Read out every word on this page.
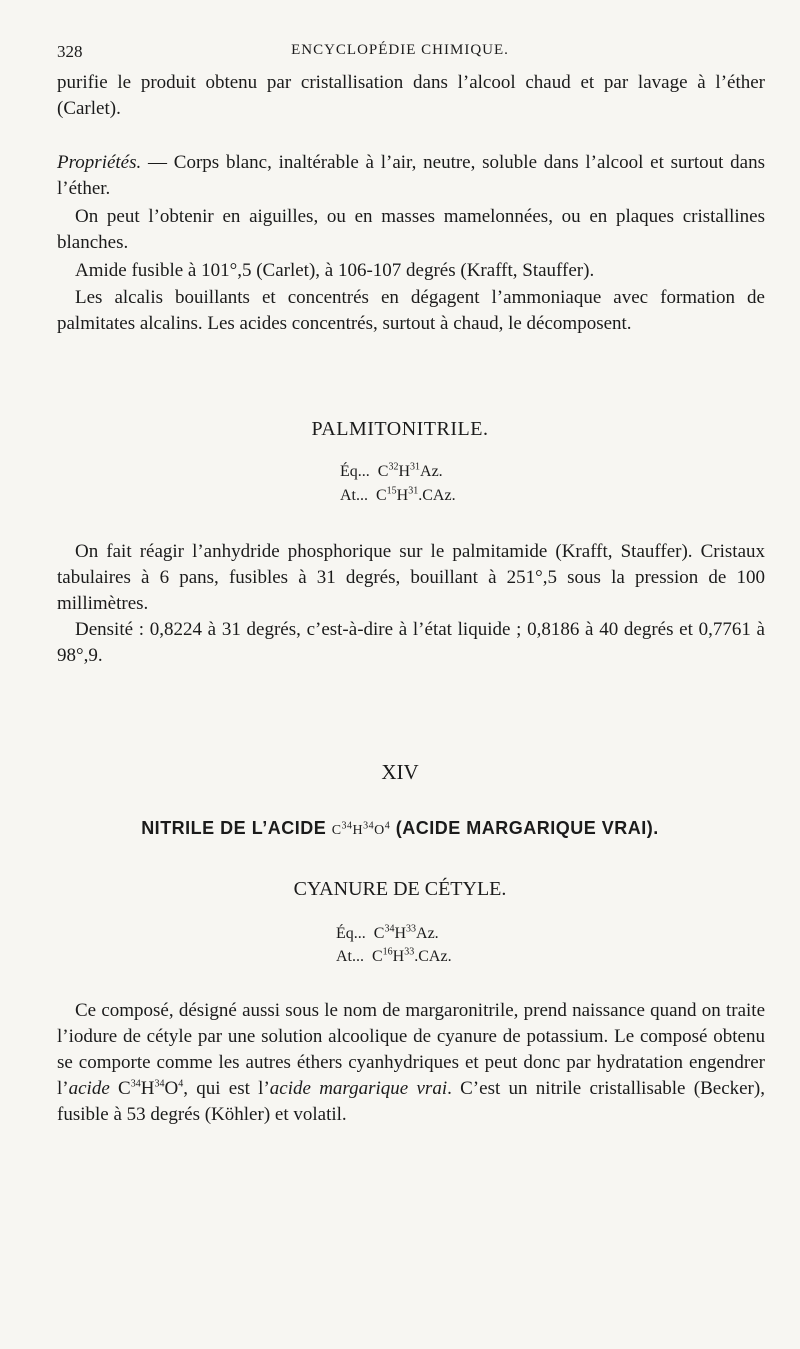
328	ENCYCLOPÉDIE CHIMIQUE.
purifie le produit obtenu par cristallisation dans l’alcool chaud et par lavage à l’éther (Carlet).
Propriétés. — Corps blanc, inaltérable à l’air, neutre, soluble dans l’alcool et surtout dans l’éther.
On peut l’obtenir en aiguilles, ou en masses mamelonnées, ou en plaques cristallines blanches.
Amide fusible à 101°,5 (Carlet), à 106-107 degrés (Krafft, Stauffer).
Les alcalis bouillants et concentrés en dégagent l’ammoniaque avec formation de palmitates alcalins. Les acides concentrés, surtout à chaud, le décomposent.
PALMITONITRILE.
Éq...  $C^{32}H^{31}Az$.
At...  $C^{15}H^{31}.CAz$.
On fait réagir l’anhydride phosphorique sur le palmitamide (Krafft, Stauffer). Cristaux tabulaires à 6 pans, fusibles à 31 degrés, bouillant à 251°,5 sous la pression de 100 millimètres.
Densité : 0,8224 à 31 degrés, c’est-à-dire à l’état liquide ; 0,8186 à 40 degrés et 0,7761 à 98°,9.
XIV
NITRILE DE L’ACIDE $C^{34}H^{34}O^4$ (ACIDE MARGARIQUE VRAI).
CYANURE DE CÉTYLE.
Éq...  $C^{34}H^{33}Az$.
At...  $C^{16}H^{33}.CAz$.
Ce composé, désigné aussi sous le nom de margaronitrile, prend naissance quand on traite l’iodure de cétyle par une solution alcoolique de cyanure de potassium. Le composé obtenu se comporte comme les autres éthers cyanhydriques et peut donc par hydratation engendrer l’acide $C^{34}H^{34}O^4$, qui est l’acide margarique vrai. C’est un nitrile cristallisable (Becker), fusible à 53 degrés (Köhler) et volatil.
